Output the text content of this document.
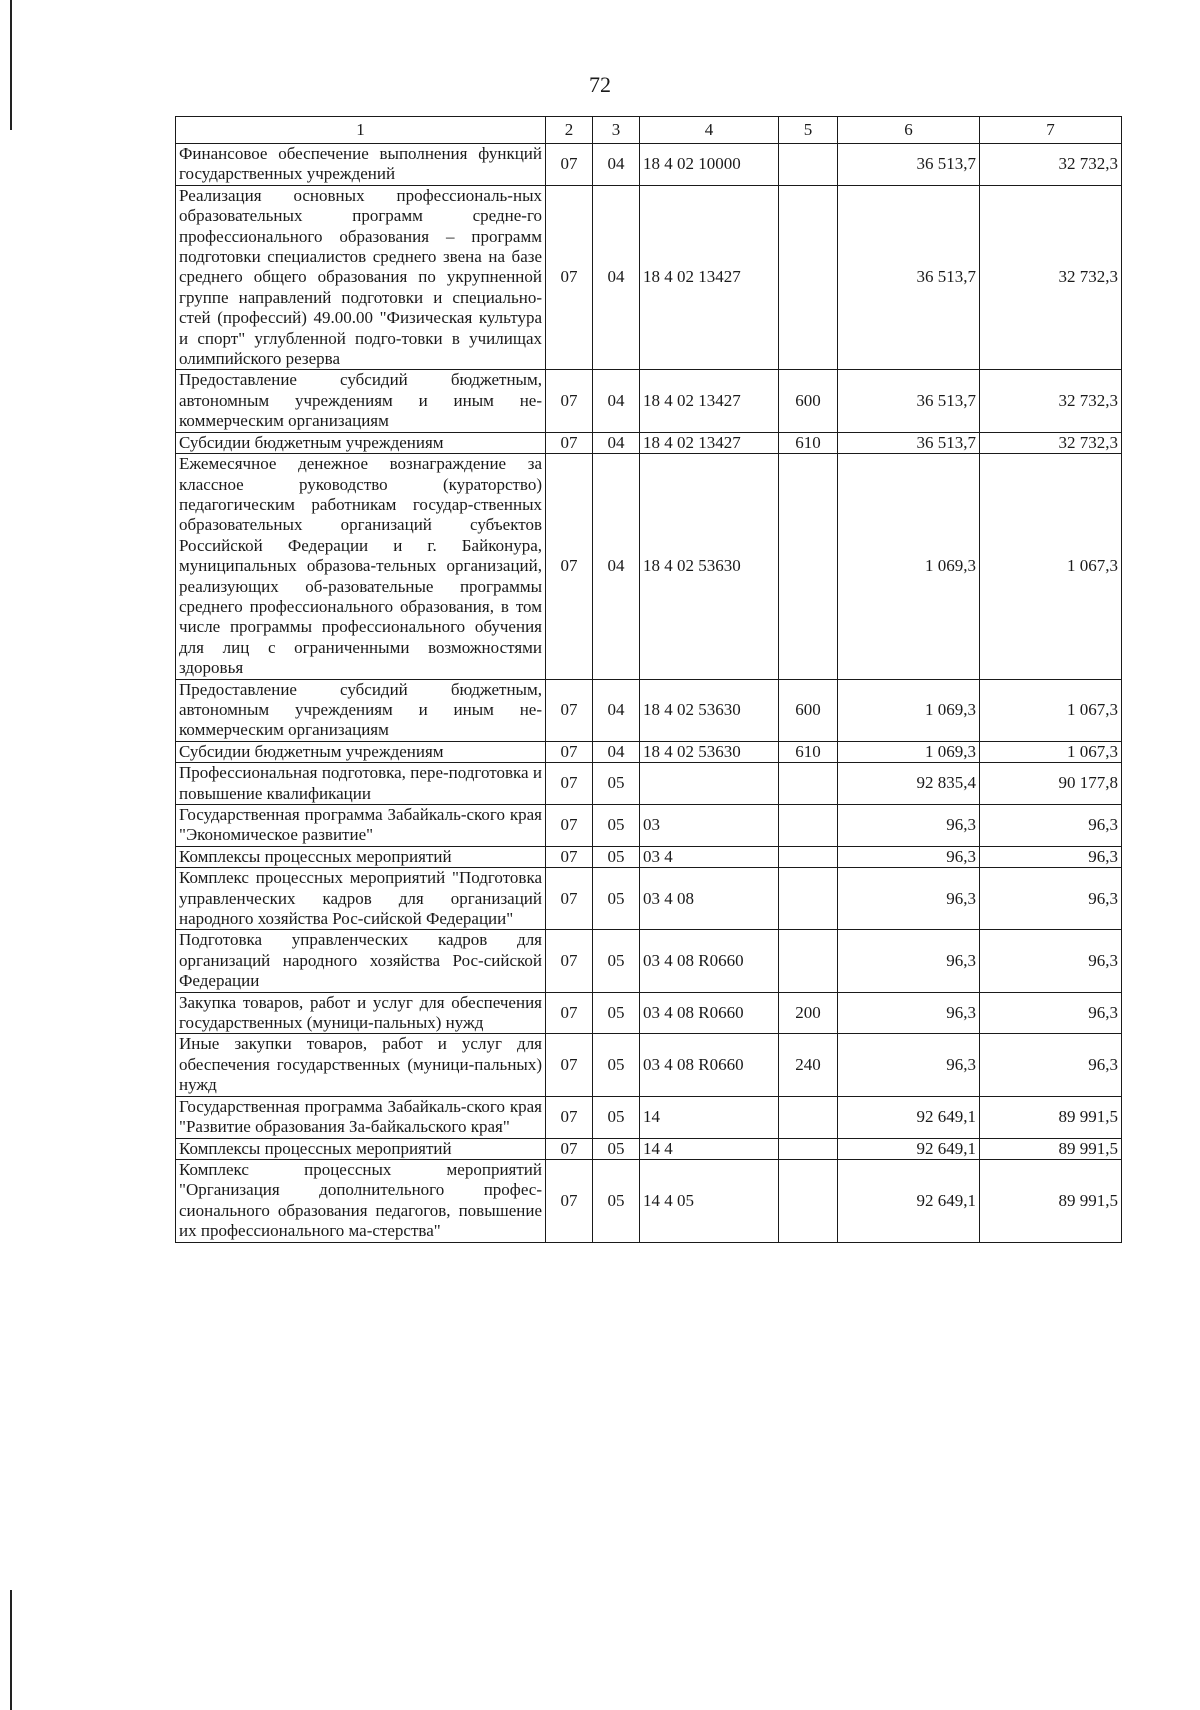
72
1	2	3	4	5	6	7
Финансовое обеспечение выполнения функций государственных учреждений	07	04	18 4 02 10000		36 513,7	32 732,3
Реализация основных профессиональ-ных образовательных программ средне-го профессионального образования – программ подготовки специалистов среднего звена на базе среднего общего образования по укрупненной группе направлений подготовки и специально-стей (профессий) 49.00.00 "Физическая культура и спорт" углубленной подго-товки в училищах олимпийского резерва	07	04	18 4 02 13427		36 513,7	32 732,3
Предоставление субсидий бюджетным, автономным учреждениям и иным не-коммерческим организациям	07	04	18 4 02 13427	600	36 513,7	32 732,3
Субсидии бюджетным учреждениям	07	04	18 4 02 13427	610	36 513,7	32 732,3
Ежемесячное денежное вознаграждение за классное руководство (кураторство) педагогическим работникам государ-ственных образовательных организаций субъектов Российской Федерации и г. Байконура, муниципальных образова-тельных организаций, реализующих об-разовательные программы среднего профессионального образования, в том числе программы профессионального обучения для лиц с ограниченными возможностями здоровья	07	04	18 4 02 53630		1 069,3	1 067,3
Предоставление субсидий бюджетным, автономным учреждениям и иным не-коммерческим организациям	07	04	18 4 02 53630	600	1 069,3	1 067,3
Субсидии бюджетным учреждениям	07	04	18 4 02 53630	610	1 069,3	1 067,3
Профессиональная подготовка, пере-подготовка и повышение квалификации	07	05			92 835,4	90 177,8
Государственная программа Забайкаль-ского края "Экономическое развитие"	07	05	03		96,3	96,3
Комплексы процессных мероприятий	07	05	03 4		96,3	96,3
Комплекс процессных мероприятий "Подготовка управленческих кадров для организаций народного хозяйства Рос-сийской Федерации"	07	05	03 4 08		96,3	96,3
Подготовка управленческих кадров для организаций народного хозяйства Рос-сийской Федерации	07	05	03 4 08 R0660		96,3	96,3
Закупка товаров, работ и услуг для обеспечения государственных (муници-пальных) нужд	07	05	03 4 08 R0660	200	96,3	96,3
Иные закупки товаров, работ и услуг для обеспечения государственных (муници-пальных) нужд	07	05	03 4 08 R0660	240	96,3	96,3
Государственная программа Забайкаль-ского края "Развитие образования За-байкальского края"	07	05	14		92 649,1	89 991,5
Комплексы процессных мероприятий	07	05	14 4		92 649,1	89 991,5
Комплекс процессных мероприятий "Организация дополнительного профес-сионального образования педагогов, повышение их профессионального ма-стерства"	07	05	14 4 05		92 649,1	89 991,5
